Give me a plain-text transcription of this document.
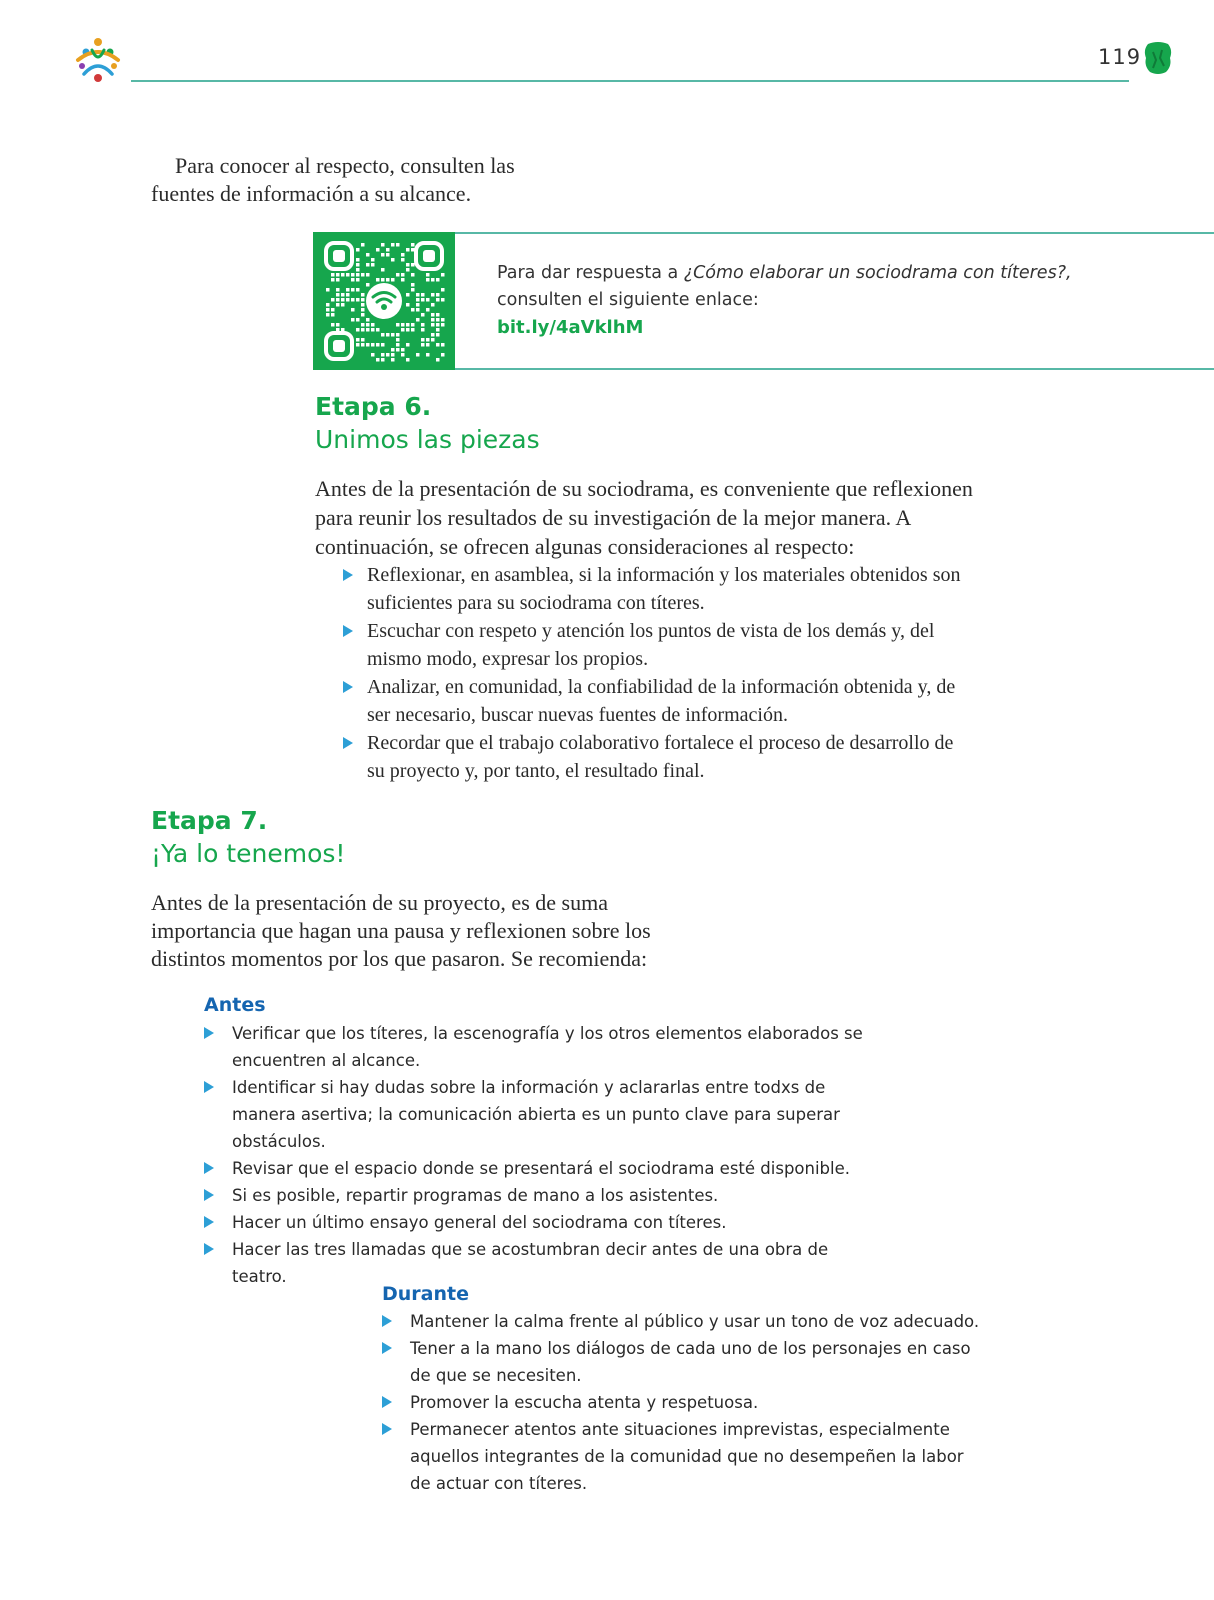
119

Para conocer al respecto, consulten las fuentes de información a su alcance.

Para dar respuesta a ¿Cómo elaborar un sociodrama con títeres?,
consulten el siguiente enlace:
bit.ly/4aVklhM
Etapa 6.
Unimos las piezas

Antes de la presentación de su sociodrama, es conveniente que reflexionen para reunir los resultados de su investigación de la mejor manera. A continuación, se ofrecen algunas consideraciones al respecto:

Reflexionar, en asamblea, si la información y los materiales obtenidos son suficientes para su sociodrama con títeres.
Escuchar con respeto y atención los puntos de vista de los demás y, del mismo modo, expresar los propios.
Analizar, en comunidad, la confiabilidad de la información obtenida y, de ser necesario, buscar nuevas fuentes de información.
Recordar que el trabajo colaborativo fortalece el proceso de desarrollo de su proyecto y, por tanto, el resultado final.
Etapa 7.
¡Ya lo tenemos!

Antes de la presentación de su proyecto, es de suma importancia que hagan una pausa y reflexionen sobre los distintos momentos por los que pasaron. Se recomienda:

Antes
Verificar que los títeres, la escenografía y los otros elementos elaborados se encuentren al alcance.
Identificar si hay dudas sobre la información y aclararlas entre todxs de manera asertiva; la comunicación abierta es un punto clave para superar obstáculos.
Revisar que el espacio donde se presentará el sociodrama esté disponible.
Si es posible, repartir programas de mano a los asistentes.
Hacer un último ensayo general del sociodrama con títeres.
Hacer las tres llamadas que se acostumbran decir antes de una obra de teatro.
Durante
Mantener la calma frente al público y usar un tono de voz adecuado.
Tener a la mano los diálogos de cada uno de los personajes en caso de que se necesiten.
Promover la escucha atenta y respetuosa.
Permanecer atentos ante situaciones imprevistas, especialmente aquellos integrantes de la comunidad que no desempeñen la labor de actuar con títeres.
